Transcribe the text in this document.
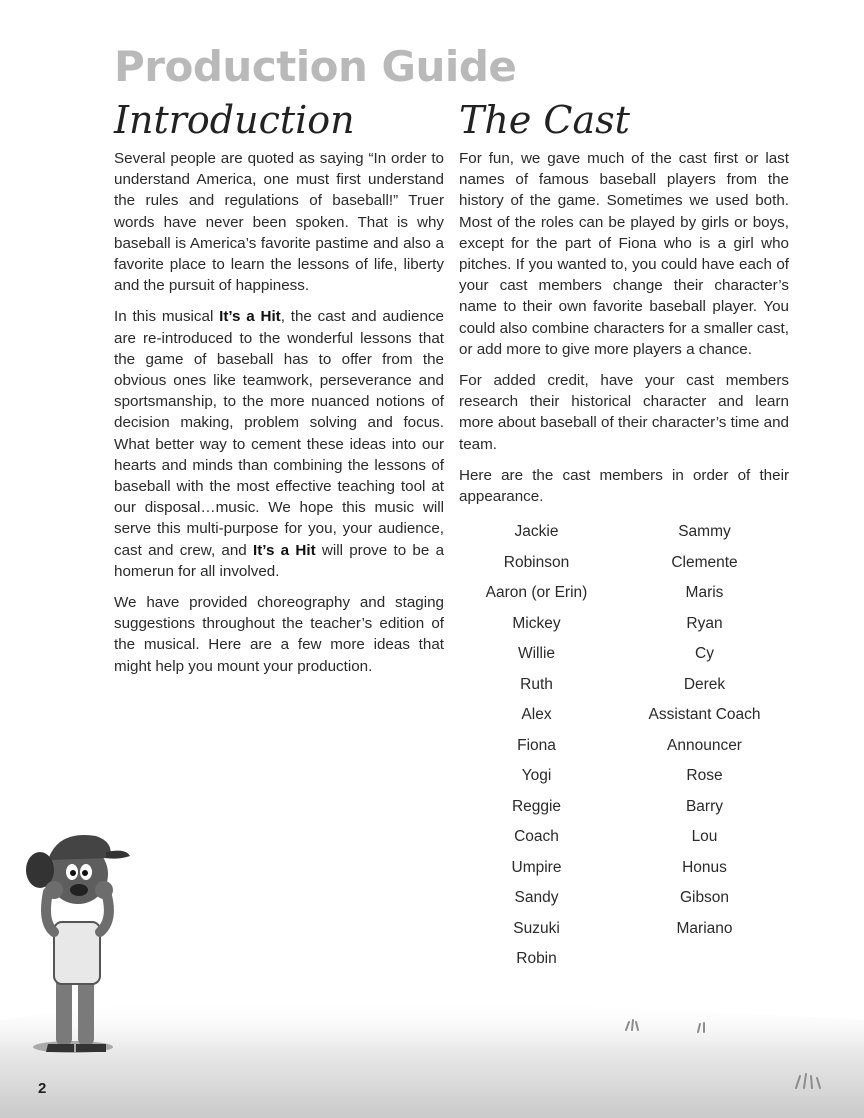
Production Guide
Introduction	The Cast

Several people are quoted as saying “In order to understand America, one must first understand the rules and regulations of baseball!” Truer words have never been spoken. That is why baseball is America’s favorite pastime and also a favorite place to learn the lessons of life, liberty and the pursuit of happiness.

In this musical It’s a Hit, the cast and audience are re-introduced to the wonderful lessons that the game of baseball has to offer from the obvious ones like teamwork, perseverance and sportsmanship, to the more nuanced notions of decision making, problem solving and focus. What better way to cement these ideas into our hearts and minds than combining the lessons of baseball with the most effective teaching tool at our disposal…music. We hope this music will serve this multi-purpose for you, your audience, cast and crew, and It’s a Hit will prove to be a homerun for all involved.

We have provided choreography and staging suggestions throughout the teacher’s edition of the musical. Here are a few more ideas that might help you mount your production.

For fun, we gave much of the cast first or last names of famous baseball players from the history of the game. Sometimes we used both. Most of the roles can be played by girls or boys, except for the part of Fiona who is a girl who pitches. If you wanted to, you could have each of your cast members change their character’s name to their own favorite baseball player. You could also combine characters for a smaller cast, or add more to give more players a chance.

For added credit, have your cast members research their historical character and learn more about baseball of their character’s time and team.

Here are the cast members in order of their appearance.

Jackie
Robinson
Aaron (or Erin)
Mickey
Willie
Ruth
Alex
Fiona
Yogi
Reggie
Coach
Umpire
Sandy
Suzuki
Robin
Sammy
Clemente
Maris
Ryan
Cy
Derek
Assistant Coach
Announcer
Rose
Barry
Lou
Honus
Gibson
Mariano
2
